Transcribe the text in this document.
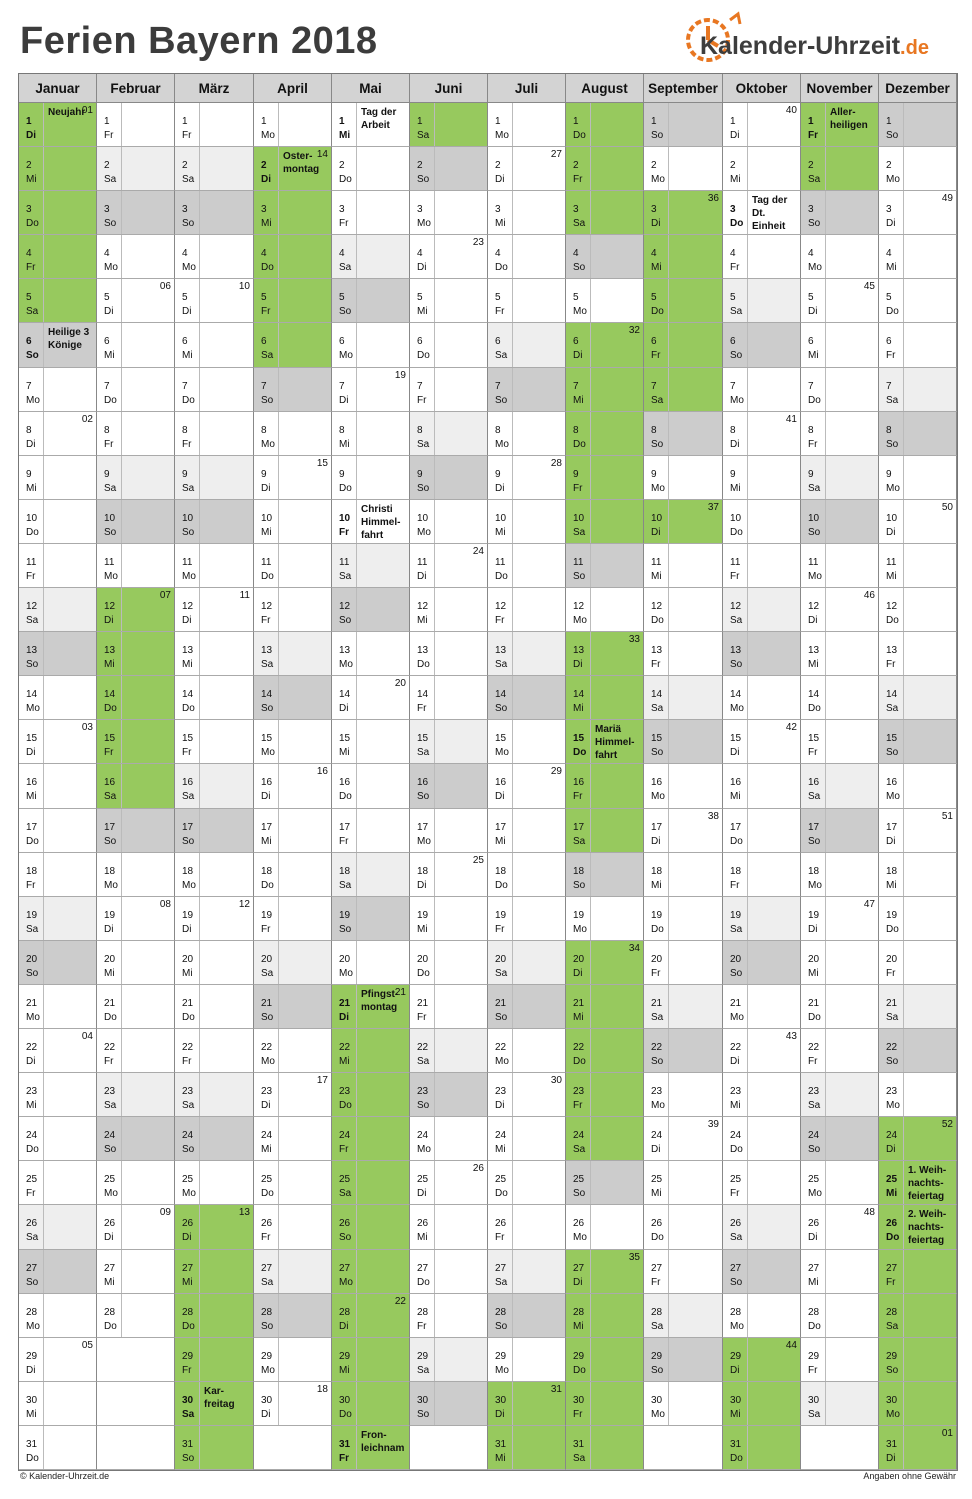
Ferien Bayern 2018	Kalender-Uhrzeit.de
Januar
1
Di
Neujahr
01
2
Mi
3
Do
4
Fr
5
Sa
6
So
Heilige 3 Könige
7
Mo
8
Di
02
9
Mi
10
Do
11
Fr
12
Sa
13
So
14
Mo
15
Di
03
16
Mi
17
Do
18
Fr
19
Sa
20
So
21
Mo
22
Di
04
23
Mi
24
Do
25
Fr
26
Sa
27
So
28
Mo
29
Di
05
30
Mi
31
Do
Februar
1
Fr
2
Sa
3
So
4
Mo
5
Di
06
6
Mi
7
Do
8
Fr
9
Sa
10
So
11
Mo
12
Di
07
13
Mi
14
Do
15
Fr
16
Sa
17
So
18
Mo
19
Di
08
20
Mi
21
Do
22
Fr
23
Sa
24
So
25
Mo
26
Di
09
27
Mi
28
Do
März
1
Fr
2
Sa
3
So
4
Mo
5
Di
10
6
Mi
7
Do
8
Fr
9
Sa
10
So
11
Mo
12
Di
11
13
Mi
14
Do
15
Fr
16
Sa
17
So
18
Mo
19
Di
12
20
Mi
21
Do
22
Fr
23
Sa
24
So
25
Mo
26
Di
13
27
Mi
28
Do
29
Fr
30
Sa
Kar-freitag
31
So
April
1
Mo
2
Di
Oster-montag
14
3
Mi
4
Do
5
Fr
6
Sa
7
So
8
Mo
9
Di
15
10
Mi
11
Do
12
Fr
13
Sa
14
So
15
Mo
16
Di
16
17
Mi
18
Do
19
Fr
20
Sa
21
So
22
Mo
23
Di
17
24
Mi
25
Do
26
Fr
27
Sa
28
So
29
Mo
30
Di
18
Mai
1
Mi
Tag der Arbeit
2
Do
3
Fr
4
Sa
5
So
6
Mo
7
Di
19
8
Mi
9
Do
10
Fr
Christi Himmel-fahrt
11
Sa
12
So
13
Mo
14
Di
20
15
Mi
16
Do
17
Fr
18
Sa
19
So
20
Mo
21
Di
Pfingst-montag
21
22
Mi
23
Do
24
Fr
25
Sa
26
So
27
Mo
28
Di
22
29
Mi
30
Do
31
Fr
Fron-leichnam
Juni
1
Sa
2
So
3
Mo
4
Di
23
5
Mi
6
Do
7
Fr
8
Sa
9
So
10
Mo
11
Di
24
12
Mi
13
Do
14
Fr
15
Sa
16
So
17
Mo
18
Di
25
19
Mi
20
Do
21
Fr
22
Sa
23
So
24
Mo
25
Di
26
26
Mi
27
Do
28
Fr
29
Sa
30
So
Juli
1
Mo
2
Di
27
3
Mi
4
Do
5
Fr
6
Sa
7
So
8
Mo
9
Di
28
10
Mi
11
Do
12
Fr
13
Sa
14
So
15
Mo
16
Di
29
17
Mi
18
Do
19
Fr
20
Sa
21
So
22
Mo
23
Di
30
24
Mi
25
Do
26
Fr
27
Sa
28
So
29
Mo
30
Di
31
31
Mi
August
1
Do
2
Fr
3
Sa
4
So
5
Mo
6
Di
32
7
Mi
8
Do
9
Fr
10
Sa
11
So
12
Mo
13
Di
33
14
Mi
15
Do
Mariä Himmel-fahrt
16
Fr
17
Sa
18
So
19
Mo
20
Di
34
21
Mi
22
Do
23
Fr
24
Sa
25
So
26
Mo
27
Di
35
28
Mi
29
Do
30
Fr
31
Sa
September
1
So
2
Mo
3
Di
36
4
Mi
5
Do
6
Fr
7
Sa
8
So
9
Mo
10
Di
37
11
Mi
12
Do
13
Fr
14
Sa
15
So
16
Mo
17
Di
38
18
Mi
19
Do
20
Fr
21
Sa
22
So
23
Mo
24
Di
39
25
Mi
26
Do
27
Fr
28
Sa
29
So
30
Mo
Oktober
1
Di
40
2
Mi
3
Do
Tag der Dt. Einheit
4
Fr
5
Sa
6
So
7
Mo
8
Di
41
9
Mi
10
Do
11
Fr
12
Sa
13
So
14
Mo
15
Di
42
16
Mi
17
Do
18
Fr
19
Sa
20
So
21
Mo
22
Di
43
23
Mi
24
Do
25
Fr
26
Sa
27
So
28
Mo
29
Di
44
30
Mi
31
Do
November
1
Fr
Aller-heiligen
2
Sa
3
So
4
Mo
5
Di
45
6
Mi
7
Do
8
Fr
9
Sa
10
So
11
Mo
12
Di
46
13
Mi
14
Do
15
Fr
16
Sa
17
So
18
Mo
19
Di
47
20
Mi
21
Do
22
Fr
23
Sa
24
So
25
Mo
26
Di
48
27
Mi
28
Do
29
Fr
30
Sa
Dezember
1
So
2
Mo
3
Di
49
4
Mi
5
Do
6
Fr
7
Sa
8
So
9
Mo
10
Di
50
11
Mi
12
Do
13
Fr
14
Sa
15
So
16
Mo
17
Di
51
18
Mi
19
Do
20
Fr
21
Sa
22
So
23
Mo
24
Di
52
25
Mi
1. Weih-nachts-feiertag
26
Do
2. Weih-nachts-feiertag
27
Fr
28
Sa
29
So
30
Mo
31
Di
01
© Kalender-Uhrzeit.de	Angaben ohne Gewähr
